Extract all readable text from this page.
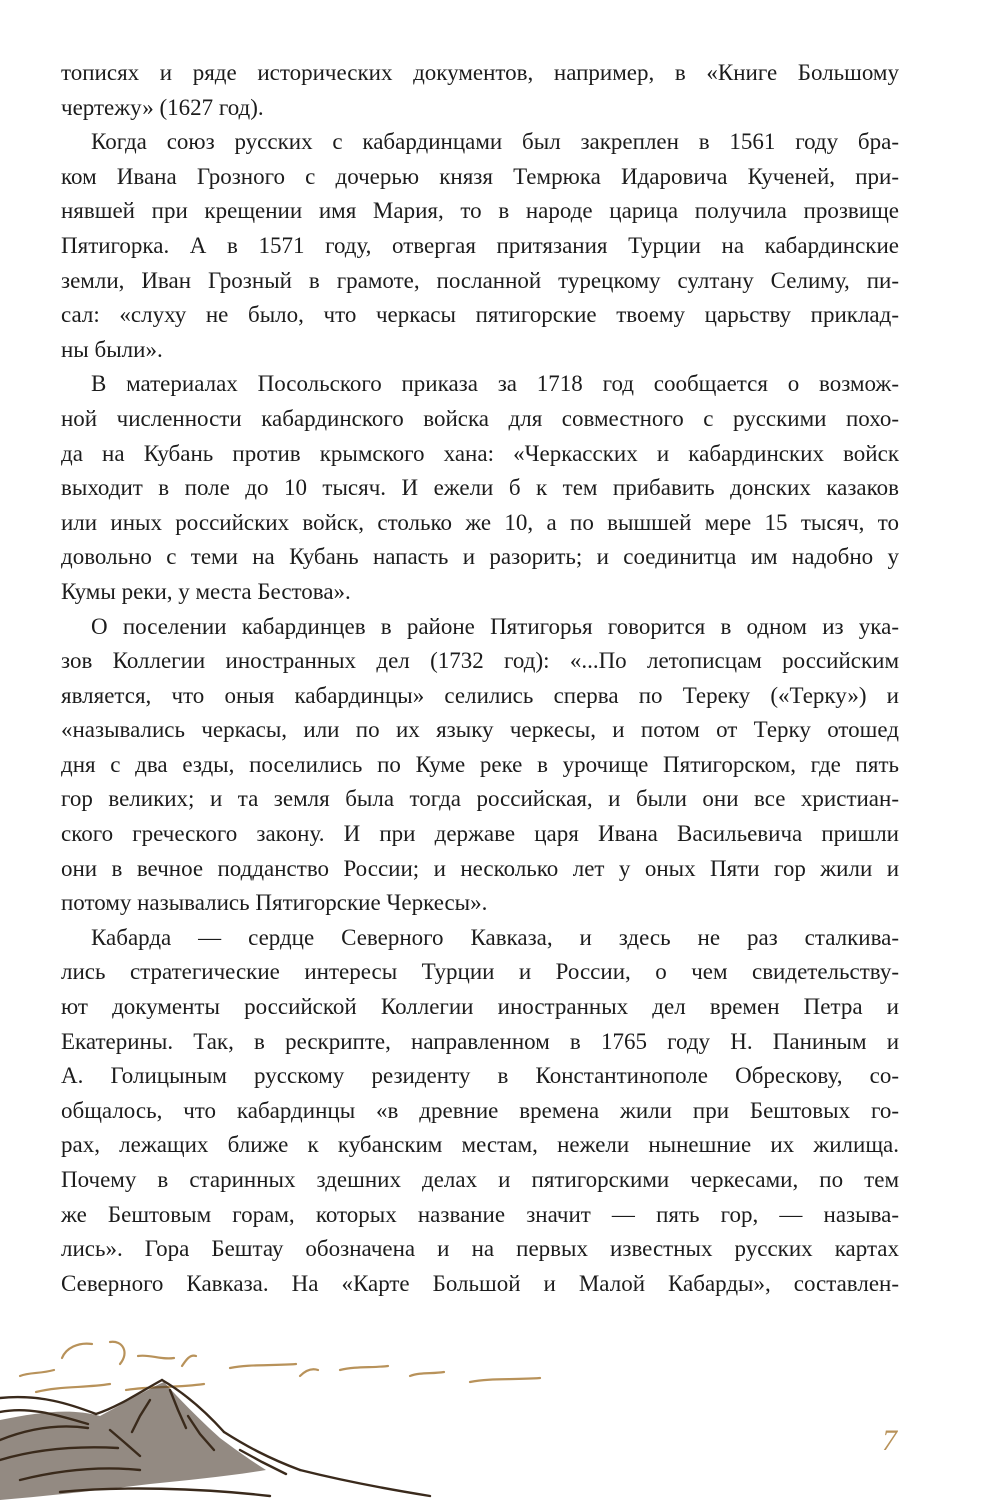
тописях и ряде исторических документов, например, в «Книге Большому
чертежу» (1627 год).
Когда союз русских с кабардинцами был закреплен в 1561 году бра-
ком Ивана Грозного с дочерью князя Темрюка Идаровича Кученей, при-
нявшей при крещении имя Мария, то в народе царица получила прозвище
Пятигорка. А в 1571 году, отвергая притязания Турции на кабардинские
земли, Иван Грозный в грамоте, посланной турецкому султану Селиму, пи-
сал: «слуху не было, что черкасы пятигорские твоему царьству приклад-
ны были».
В материалах Посольского приказа за 1718 год сообщается о возмож-
ной численности кабардинского войска для совместного с русскими похо-
да на Кубань против крымского хана: «Черкасских и кабардинских войск
выходит в поле до 10 тысяч. И ежели б к тем прибавить донских казаков
или иных российских войск, столько же 10, а по вышшей мере 15 тысяч, то
довольно с теми на Кубань напасть и разорить; и соединитца им надобно у
Кумы реки, у места Бестова».
О поселении кабардинцев в районе Пятигорья говорится в одном из ука-
зов Коллегии иностранных дел (1732 год): «...По летописцам российским
является, что оныя кабардинцы» селились сперва по Тереку («Терку») и
«назывались черкасы, или по их языку черкесы, и потом от Терку отошед
дня с два езды, поселились по Куме реке в урочище Пятигорском, где пять
гор великих; и та земля была тогда российская, и были они все христиан-
ского греческого закону. И при державе царя Ивана Васильевича пришли
они в вечное подданство России; и несколько лет у оных Пяти гор жили и
потому назывались Пятигорские Черкесы».
Кабарда — сердце Северного Кавказа, и здесь не раз сталкива-
лись стратегические интересы Турции и России, о чем свидетельству-
ют документы российской Коллегии иностранных дел времен Петра и
Екатерины. Так, в рескрипте, направленном в 1765 году Н. Паниным и
А. Голицыным русскому резиденту в Константинополе Обрескову, со-
общалось, что кабардинцы «в древние времена жили при Бештовых го-
рах, лежащих ближе к кубанским местам, нежели нынешние их жилища.
Почему в старинных здешних делах и пятигорскими черкесами, по тем
же Бештовым горам, которых название значит — пять гор, — называ-
лись». Гора Бештау обозначена и на первых известных русских картах
Северного Кавказа. На «Карте Большой и Малой Кабарды», составлен-
7
